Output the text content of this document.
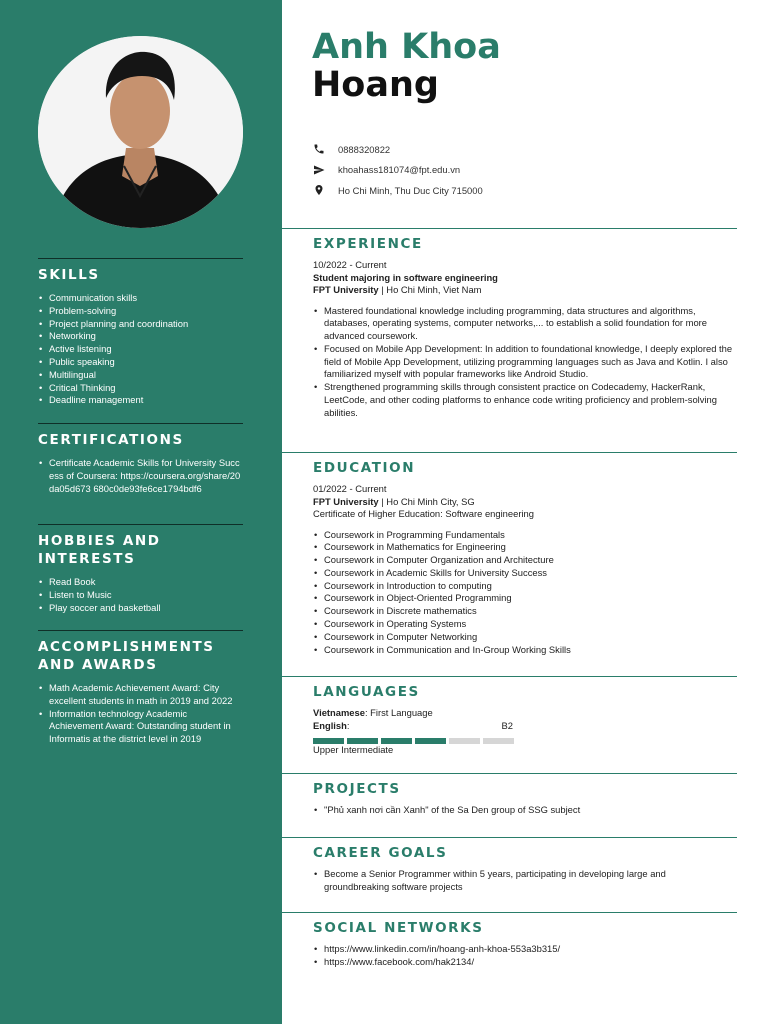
SKILLS
• Communication skills
• Problem-solving
• Project planning and coordination
• Networking
• Active listening
• Public speaking
• Multilingual
• Critical Thinking
• Deadline management
CERTIFICATIONS
• Certificate Academic Skills for University Success of Coursera: https://coursera.org/share/20da05d673 680c0de93fe6ce1794bdf6
HOBBIES AND INTERESTS
• Read Book
• Listen to Music
• Play soccer and basketball
ACCOMPLISHMENTS AND AWARDS
• Math Academic Achievement Award: City excellent students in math in 2019 and 2022
• Information technology Academic Achievement Award: Outstanding student in Informatis at the district level in 2019
Anh Khoa
Hoang
0888320822
khoahass181074@fpt.edu.vn
Ho Chi Minh, Thu Duc City 715000
EXPERIENCE
10/2022 - Current
Student majoring in software engineering
FPT University | Ho Chi Minh, Viet Nam
• Mastered foundational knowledge including programming, data structures and algorithms, databases, operating systems, computer networks,... to establish a solid foundation for more advanced coursework.
• Focused on Mobile App Development: In addition to foundational knowledge, I deeply explored the field of Mobile App Development, utilizing programming languages such as Java and Kotlin. I also familiarized myself with popular frameworks like Android Studio.
• Strengthened programming skills through consistent practice on Codecademy, HackerRank, LeetCode, and other coding platforms to enhance code writing proficiency and problem-solving abilities.
EDUCATION
01/2022 - Current
FPT University | Ho Chi Minh City, SG
Certificate of Higher Education: Software engineering
• Coursework in Programming Fundamentals
• Coursework in Mathematics for Engineering
• Coursework in Computer Organization and Architecture
• Coursework in Academic Skills for University Success
• Coursework in Introduction to computing
• Coursework in Object-Oriented Programming
• Coursework in Discrete mathematics
• Coursework in Operating Systems
• Coursework in Computer Networking
• Coursework in Communication and In-Group Working Skills
LANGUAGES
Vietnamese: First Language
English:	B2
Upper Intermediate
PROJECTS
• "Phủ xanh nơi cần Xanh" of the Sa Den group of SSG subject
CAREER GOALS
• Become a Senior Programmer within 5 years, participating in developing large and groundbreaking software projects
SOCIAL NETWORKS
• https://www.linkedin.com/in/hoang-anh-khoa-553a3b315/
• https://www.facebook.com/hak2134/
